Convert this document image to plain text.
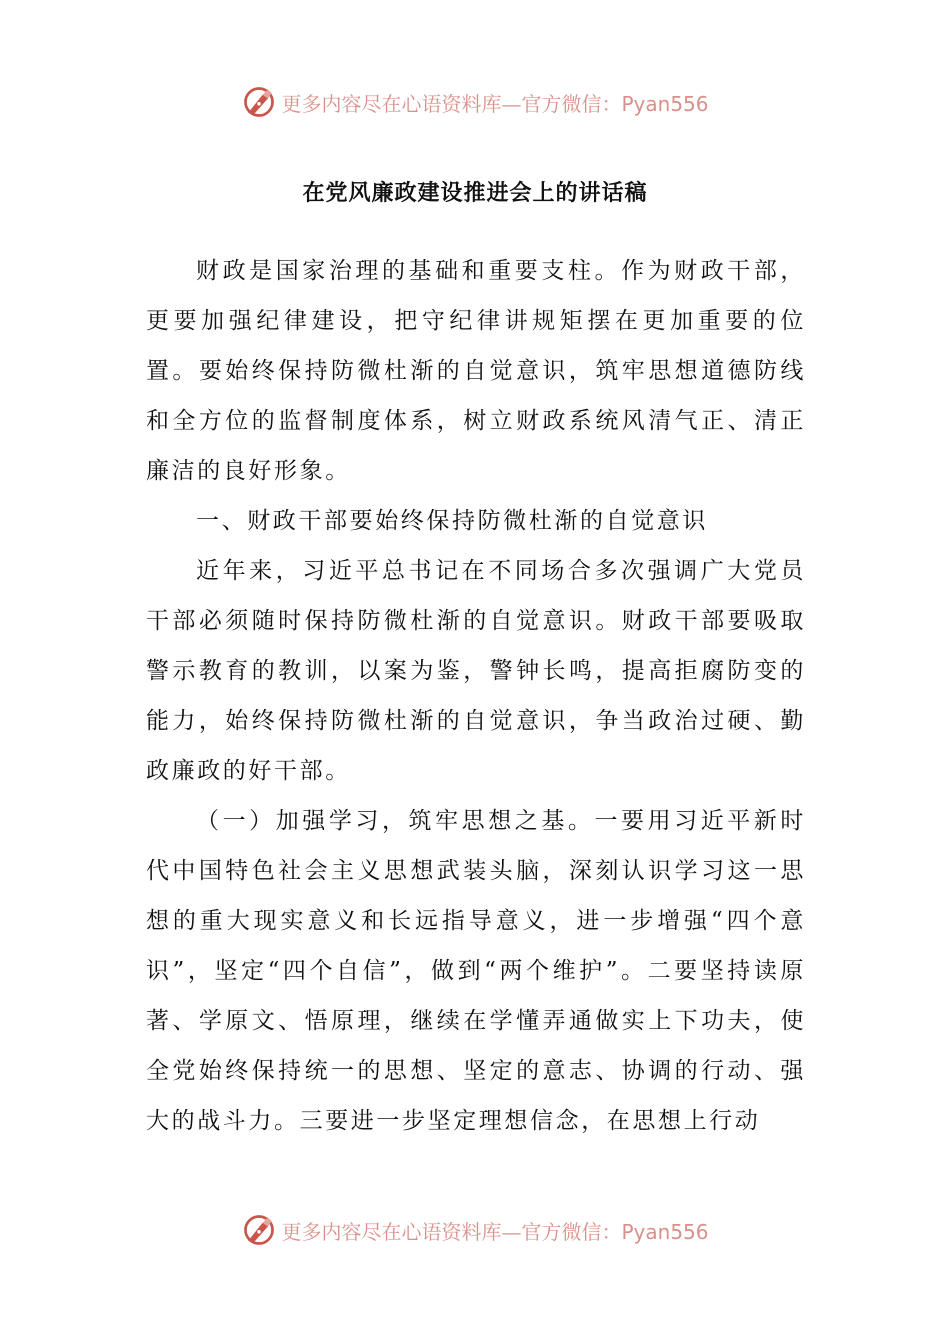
更多内容尽在心语资料库—官方微信：Pyan556
在党风廉政建设推进会上的讲话稿

财政是国家治理的基础和重要支柱。作为财政干部，更要加强纪律建设，把守纪律讲规矩摆在更加重要的位置。要始终保持防微杜渐的自觉意识，筑牢思想道德防线和全方位的监督制度体系，树立财政系统风清气正、清正廉洁的良好形象。

一、财政干部要始终保持防微杜渐的自觉意识

近年来，习近平总书记在不同场合多次强调广大党员干部必须随时保持防微杜渐的自觉意识。财政干部要吸取警示教育的教训，以案为鉴，警钟长鸣，提高拒腐防变的能力，始终保持防微杜渐的自觉意识，争当政治过硬、勤政廉政的好干部。

（一）加强学习，筑牢思想之基。一要用习近平新时代中国特色社会主义思想武装头脑，深刻认识学习这一思想的重大现实意义和长远指导意义，进一步增强“四个意识”，坚定“四个自信”，做到“两个维护”。二要坚持读原著、学原文、悟原理，继续在学懂弄通做实上下功夫，使全党始终保持统一的思想、坚定的意志、协调的行动、强大的战斗力。三要进一步坚定理想信念，在思想上行动

更多内容尽在心语资料库—官方微信：Pyan556
